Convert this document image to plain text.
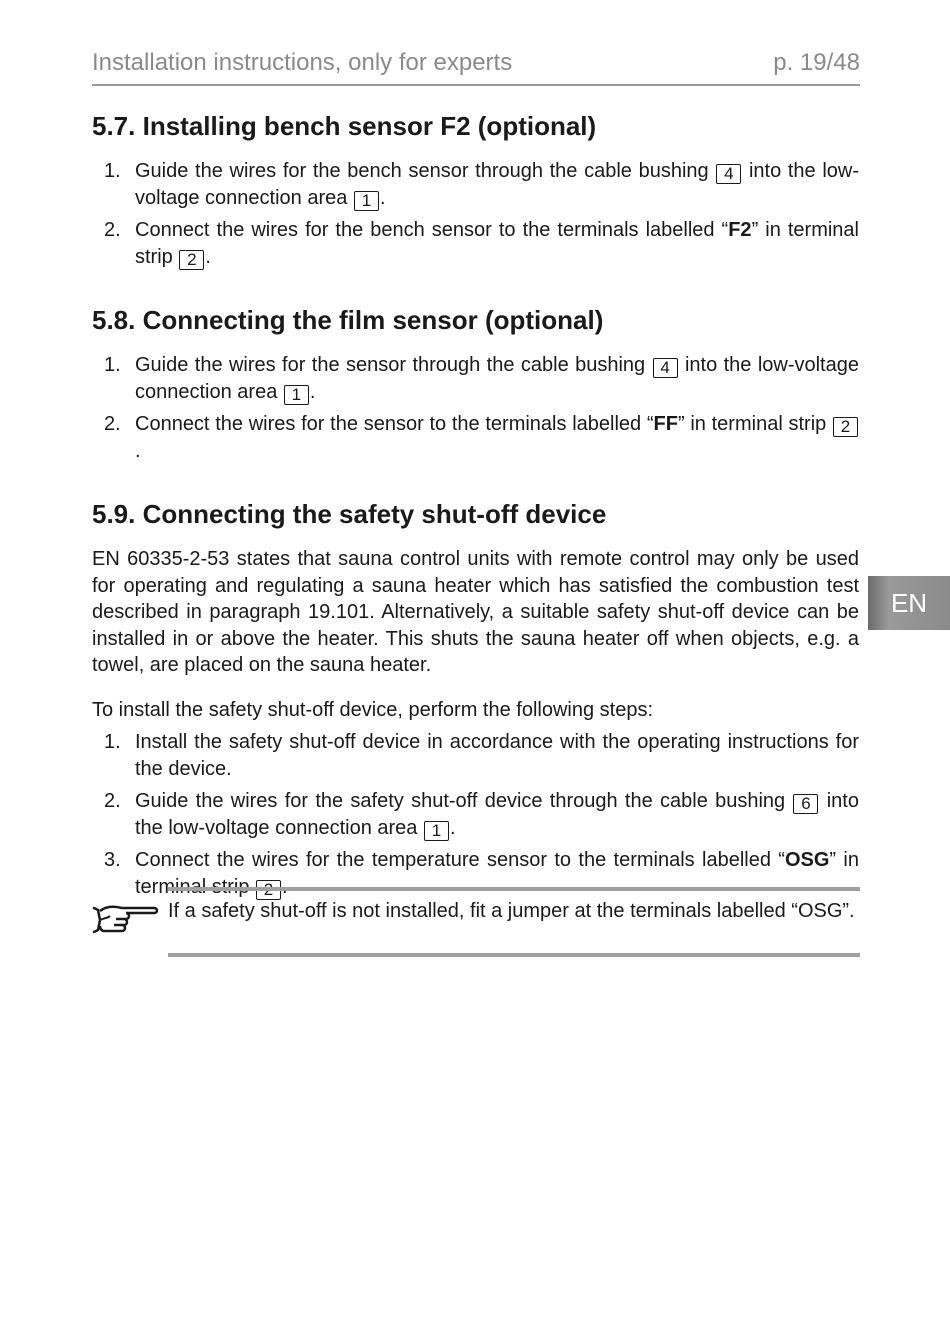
Installation instructions, only for experts	p. 19/48
EN
5.7. Installing bench sensor F2 (optional)
1. Guide the wires for the bench sensor through the cable bushing 4 into the low-voltage connection area 1 .
2. Connect the wires for the bench sensor to the terminals labelled “F2” in terminal strip 2 .
5.8. Connecting the film sensor (optional)
1. Guide the wires for the sensor through the cable bushing 4 into the low-voltage connection area 1 .
2. Connect the wires for the sensor to the terminals labelled “FF” in terminal strip 2.
5.9. Connecting the safety shut-off device

EN 60335-2-53 states that sauna control units with remote control may only be used for operating and regulating a sauna heater which has satisfied the combustion test described in paragraph 19.101. Alternatively, a suitable safety shut-off device can be installed in or above the heater. This shuts the sauna heater off when objects, e.g. a towel, are placed on the sauna heater.

To install the safety shut-off device, perform the following steps:

1. Install the safety shut-off device in accordance with the operating instructions for the device.
2. Guide the wires for the safety shut-off device through the cable bushing 6 into the low-voltage connection area 1 .
3. Connect the wires for the temperature sensor to the terminals labelled “OSG” in terminal strip 2 .
If a safety shut-off is not installed, fit a jumper at the terminals labelled “OSG”.
